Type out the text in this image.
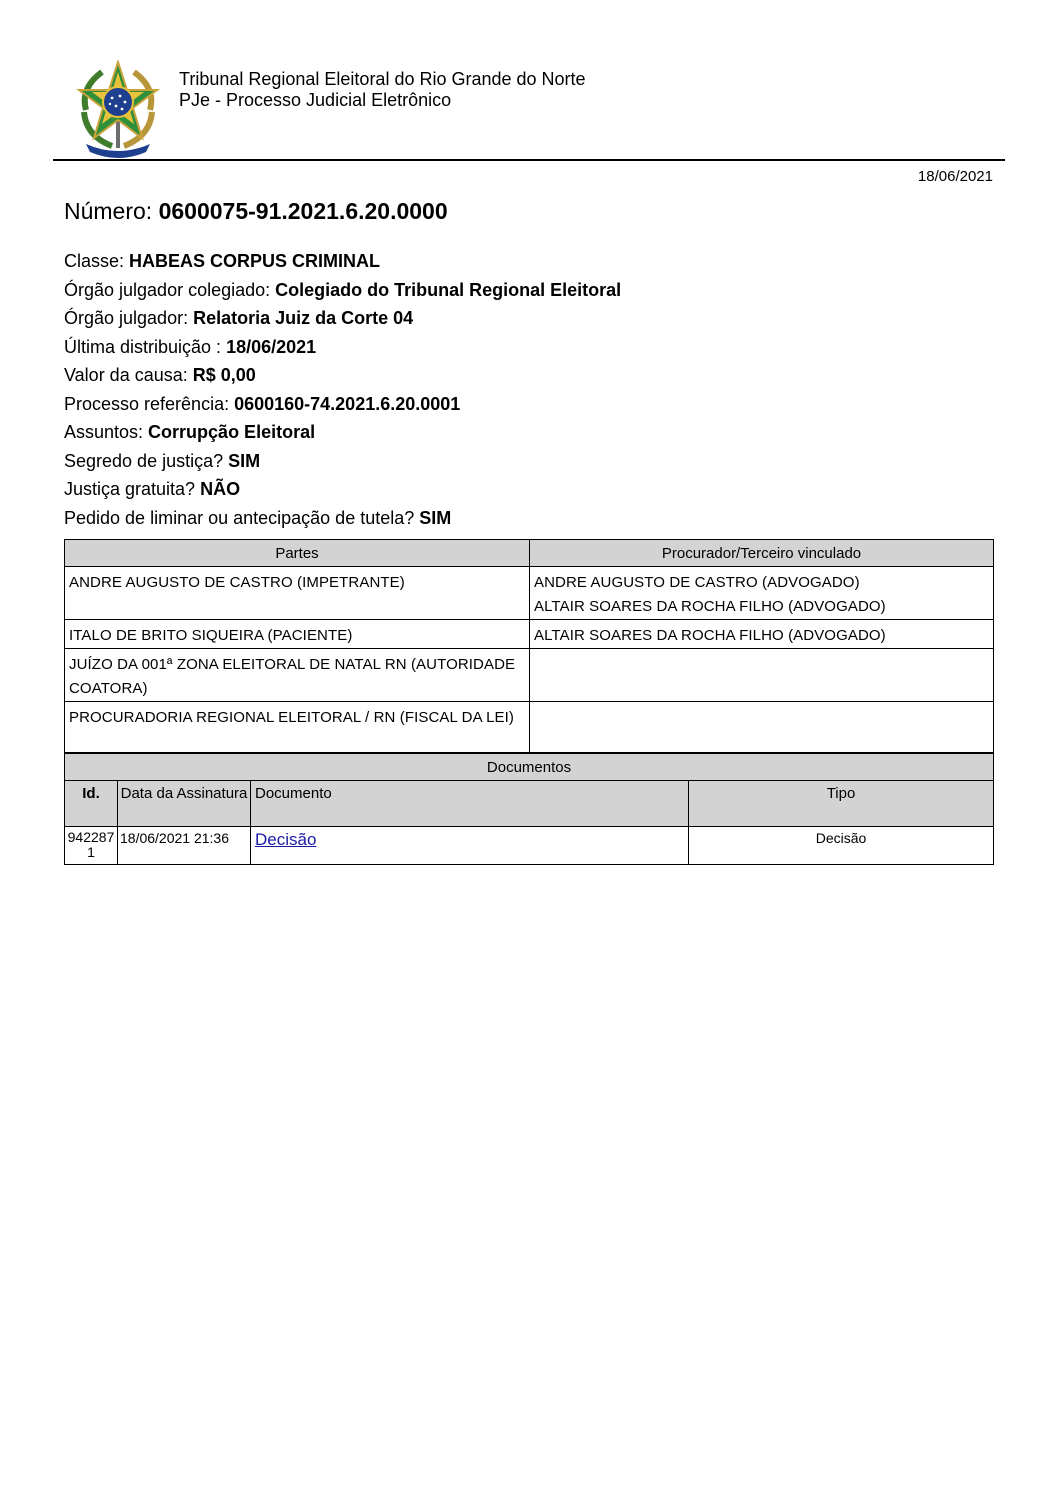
Tribunal Regional Eleitoral do Rio Grande do Norte
PJe - Processo Judicial Eletrônico
18/06/2021
Número: 0600075-91.2021.6.20.0000
Classe: HABEAS CORPUS CRIMINAL
Órgão julgador colegiado: Colegiado do Tribunal Regional Eleitoral
Órgão julgador: Relatoria Juiz da Corte 04
Última distribuição : 18/06/2021
Valor da causa: R$ 0,00
Processo referência: 0600160-74.2021.6.20.0001
Assuntos: Corrupção Eleitoral
Segredo de justiça? SIM
Justiça gratuita? NÃO
Pedido de liminar ou antecipação de tutela? SIM
Partes	Procurador/Terceiro vinculado
ANDRE AUGUSTO DE CASTRO (IMPETRANTE)	ANDRE AUGUSTO DE CASTRO (ADVOGADO)
ALTAIR SOARES DA ROCHA FILHO (ADVOGADO)

ITALO DE BRITO SIQUEIRA (PACIENTE)	ALTAIR SOARES DA ROCHA FILHO (ADVOGADO)

JUÍZO DA 001ª ZONA ELEITORAL DE NATAL RN (AUTORIDADE COATORA)	
PROCURADORIA REGIONAL ELEITORAL / RN (FISCAL DA LEI)	
Documentos			
Id.	Data da Assinatura	Documento	Tipo
9422871	18/06/2021 21:36	Decisão	Decisão
